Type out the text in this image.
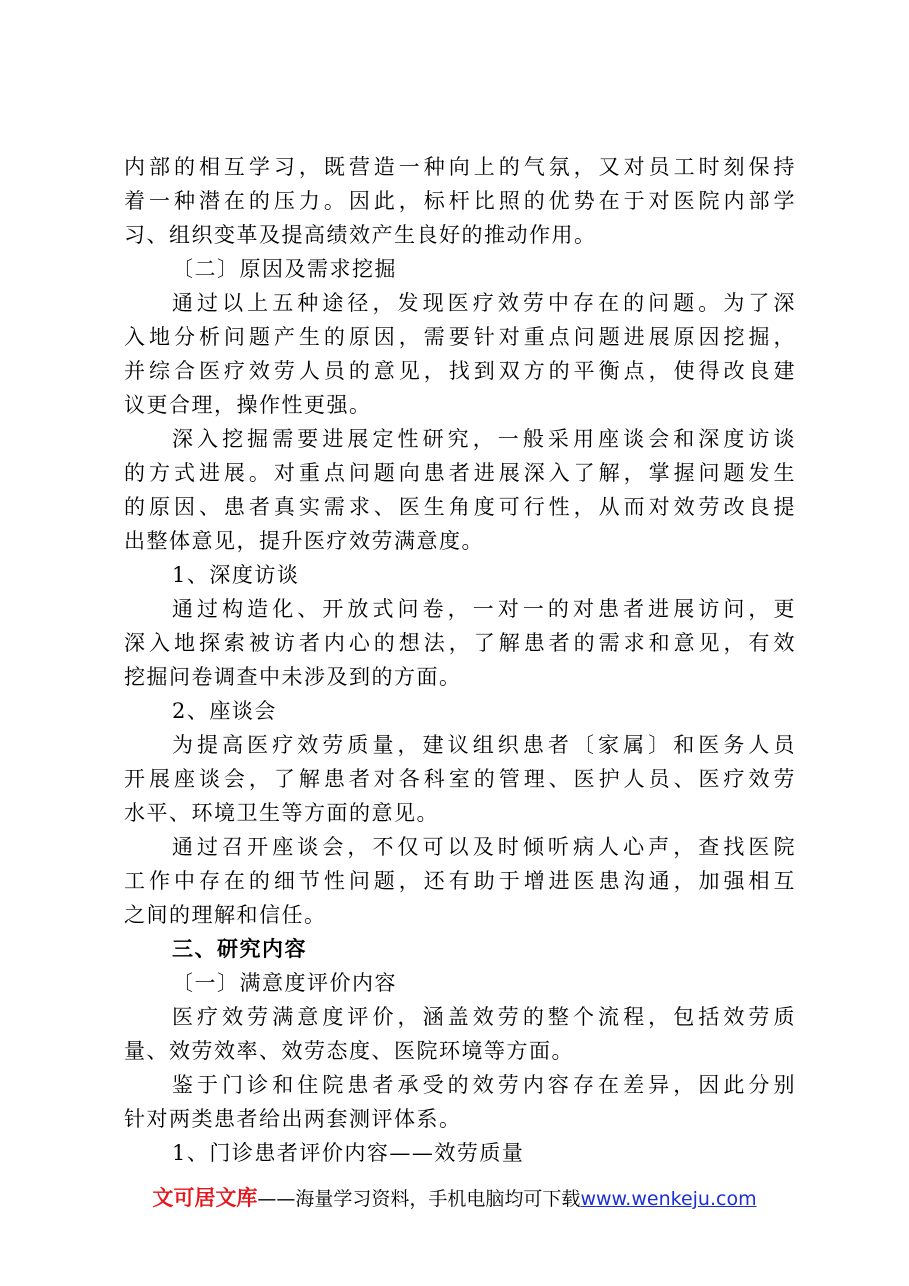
内部的相互学习，既营造一种向上的气氛，又对员工时刻保持
着一种潜在的压力。因此，标杆比照的优势在于对医院内部学
习、组织变革及提高绩效产生良好的推动作用。
〔二〕原因及需求挖掘
通过以上五种途径，发现医疗效劳中存在的问题。为了深
入地分析问题产生的原因，需要针对重点问题进展原因挖掘，
并综合医疗效劳人员的意见，找到双方的平衡点，使得改良建
议更合理，操作性更强。
深入挖掘需要进展定性研究，一般采用座谈会和深度访谈
的方式进展。对重点问题向患者进展深入了解，掌握问题发生
的原因、患者真实需求、医生角度可行性，从而对效劳改良提
出整体意见，提升医疗效劳满意度。
1、深度访谈
通过构造化、开放式问卷，一对一的对患者进展访问，更
深入地探索被访者内心的想法，了解患者的需求和意见，有效
挖掘问卷调查中未涉及到的方面。
2、座谈会
为提高医疗效劳质量，建议组织患者〔家属〕和医务人员
开展座谈会，了解患者对各科室的管理、医护人员、医疗效劳
水平、环境卫生等方面的意见。
通过召开座谈会，不仅可以及时倾听病人心声，查找医院
工作中存在的细节性问题，还有助于增进医患沟通，加强相互
之间的理解和信任。
三、研究内容
〔一〕满意度评价内容
医疗效劳满意度评价，涵盖效劳的整个流程，包括效劳质
量、效劳效率、效劳态度、医院环境等方面。
鉴于门诊和住院患者承受的效劳内容存在差异，因此分别
针对两类患者给出两套测评体系。
1、门诊患者评价内容——效劳质量
文可居文库——海量学习资料，手机电脑均可下载www.wenkeju.com
